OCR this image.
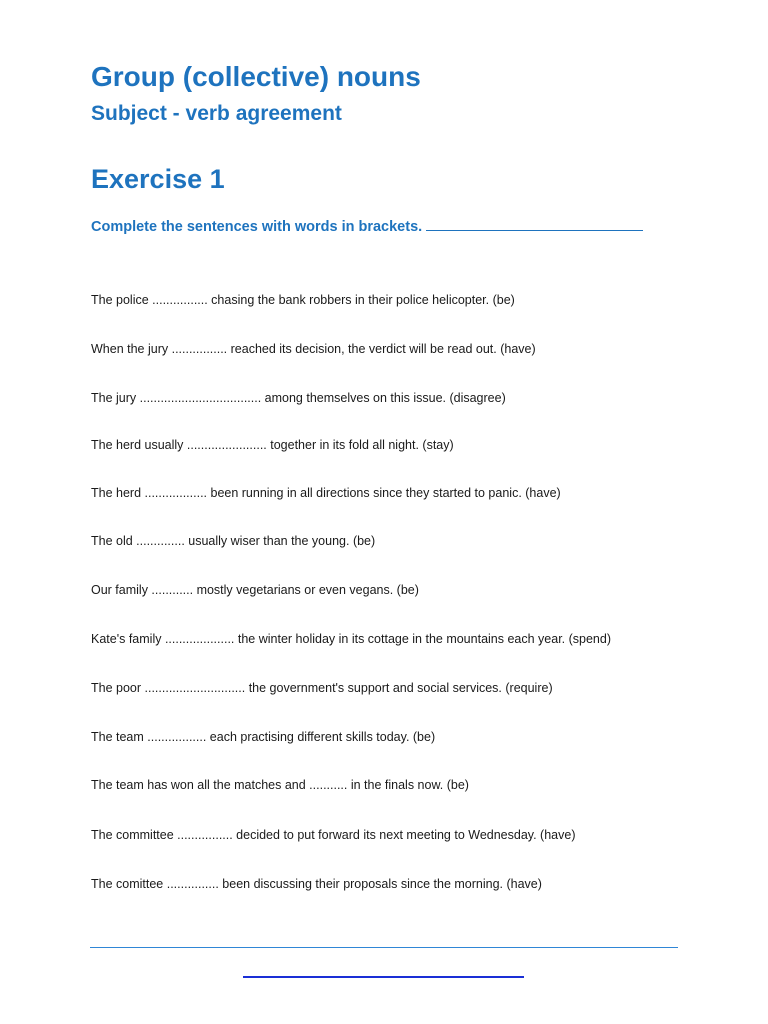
Group (collective) nouns
Subject - verb agreement
Exercise 1
Complete the sentences with words in brackets.
The police ................ chasing the bank robbers in their police helicopter. (be)
When the jury ................ reached its decision, the verdict will be read out. (have)
The jury ................................... among themselves on this issue. (disagree)
The herd usually ....................... together in its fold all night. (stay)
The herd .................. been running in all directions since they started to panic. (have)
The old .............. usually wiser than the young. (be)
Our family ............ mostly vegetarians or even vegans. (be)
Kate's family .................... the winter holiday in its cottage in the mountains each year. (spend)
The poor ............................. the government's support and social services. (require)
The team ................. each practising different skills today. (be)
The team has won all the matches and ........... in the finals now. (be)
The committee ................ decided to put forward its next meeting to Wednesday. (have)
The comittee ............... been discussing their proposals since the morning. (have)
